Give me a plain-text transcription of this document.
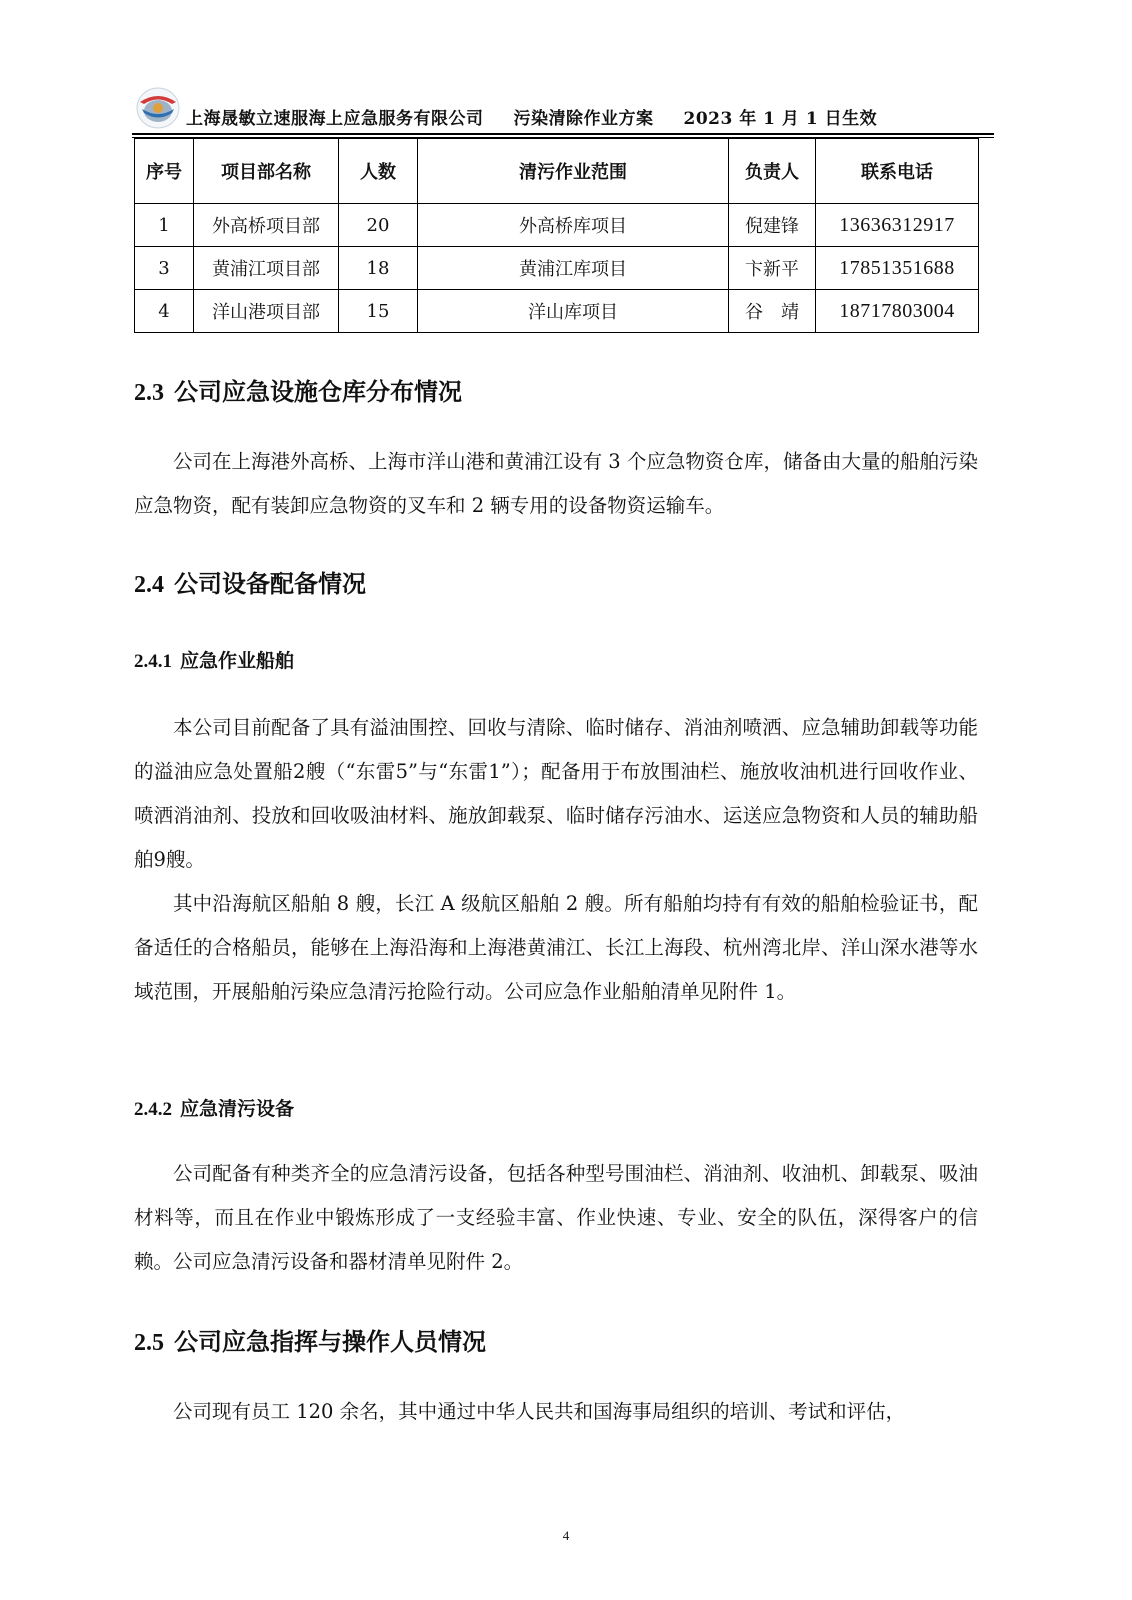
上海晟敏立速服海上应急服务有限公司 污染清除作业方案 2023 年 1 月 1 日生效
序号	项目部名称	人数	清污作业范围	负责人	联系电话
1	外高桥项目部	20	外高桥库项目	倪建锋	13636312917
3	黄浦江项目部	18	黄浦江库项目	卞新平	17851351688
4	洋山港项目部	15	洋山库项目	谷　靖	18717803004
2.3 公司应急设施仓库分布情况

公司在上海港外高桥、上海市洋山港和黄浦江设有 3 个应急物资仓库，储备由大量的船舶污染应急物资，配有装卸应急物资的叉车和 2 辆专用的设备物资运输车。

2.4 公司设备配备情况
2.4.1 应急作业船舶

本公司目前配备了具有溢油围控、回收与清除、临时储存、消油剂喷洒、应急辅助卸载等功能的溢油应急处置船2艘（“东雷5”与“东雷1”）；配备用于布放围油栏、施放收油机进行回收作业、喷洒消油剂、投放和回收吸油材料、施放卸载泵、临时储存污油水、运送应急物资和人员的辅助船舶9艘。

其中沿海航区船舶 8 艘，长江 A 级航区船舶 2 艘。所有船舶均持有有效的船舶检验证书，配备适任的合格船员，能够在上海沿海和上海港黄浦江、长江上海段、杭州湾北岸、洋山深水港等水域范围，开展船舶污染应急清污抢险行动。公司应急作业船舶清单见附件 1。

2.4.2 应急清污设备

公司配备有种类齐全的应急清污设备，包括各种型号围油栏、消油剂、收油机、卸载泵、吸油材料等，而且在作业中锻炼形成了一支经验丰富、作业快速、专业、安全的队伍，深得客户的信赖。公司应急清污设备和器材清单见附件 2。

2.5 公司应急指挥与操作人员情况

公司现有员工 120 余名，其中通过中华人民共和国海事局组织的培训、考试和评估，

4
